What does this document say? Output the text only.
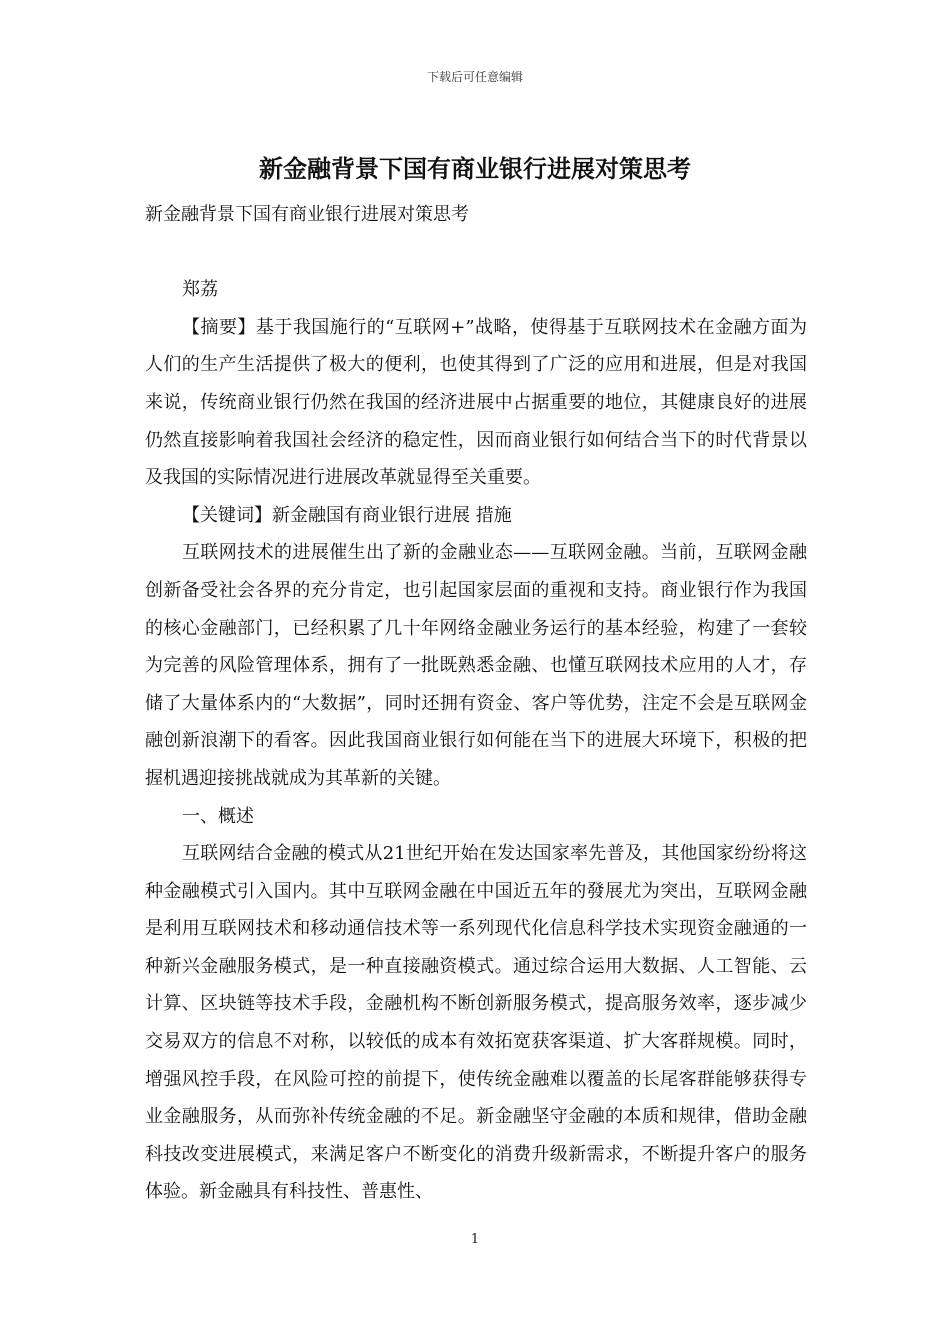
下载后可任意编辑
新金融背景下国有商业银行进展对策思考

新金融背景下国有商业银行进展对策思考

郑荔

【摘要】基于我国施行的“互联网+”战略，使得基于互联网技术在金融方面为人们的生产生活提供了极大的便利，也使其得到了广泛的应用和进展，但是对我国来说，传统商业银行仍然在我国的经济进展中占据重要的地位，其健康良好的进展仍然直接影响着我国社会经济的稳定性，因而商业银行如何结合当下的时代背景以及我国的实际情况进行进展改革就显得至关重要。

【关键词】新金融国有商业银行进展 措施

互联网技术的进展催生出了新的金融业态——互联网金融。当前，互联网金融创新备受社会各界的充分肯定，也引起国家层面的重视和支持。商业银行作为我国的核心金融部门，已经积累了几十年网络金融业务运行的基本经验，构建了一套较为完善的风险管理体系，拥有了一批既熟悉金融、也懂互联网技术应用的人才，存储了大量体系内的“大数据”，同时还拥有资金、客户等优势，注定不会是互联网金融创新浪潮下的看客。因此我国商业银行如何能在当下的进展大环境下，积极的把握机遇迎接挑战就成为其革新的关键。

一、概述

互联网结合金融的模式从21世纪开始在发达国家率先普及，其他国家纷纷将这种金融模式引入国内。其中互联网金融在中国近五年的發展尤为突出，互联网金融是利用互联网技术和移动通信技术等一系列现代化信息科学技术实现资金融通的一种新兴金融服务模式，是一种直接融资模式。通过综合运用大数据、人工智能、云计算、区块链等技术手段，金融机构不断创新服务模式，提高服务效率，逐步减少交易双方的信息不对称，以较低的成本有效拓宽获客渠道、扩大客群规模。同时，增强风控手段，在风险可控的前提下，使传统金融难以覆盖的长尾客群能够获得专业金融服务，从而弥补传统金融的不足。新金融坚守金融的本质和规律，借助金融科技改变进展模式，来满足客户不断变化的消费升级新需求，不断提升客户的服务体验。新金融具有科技性、普惠性、

1
